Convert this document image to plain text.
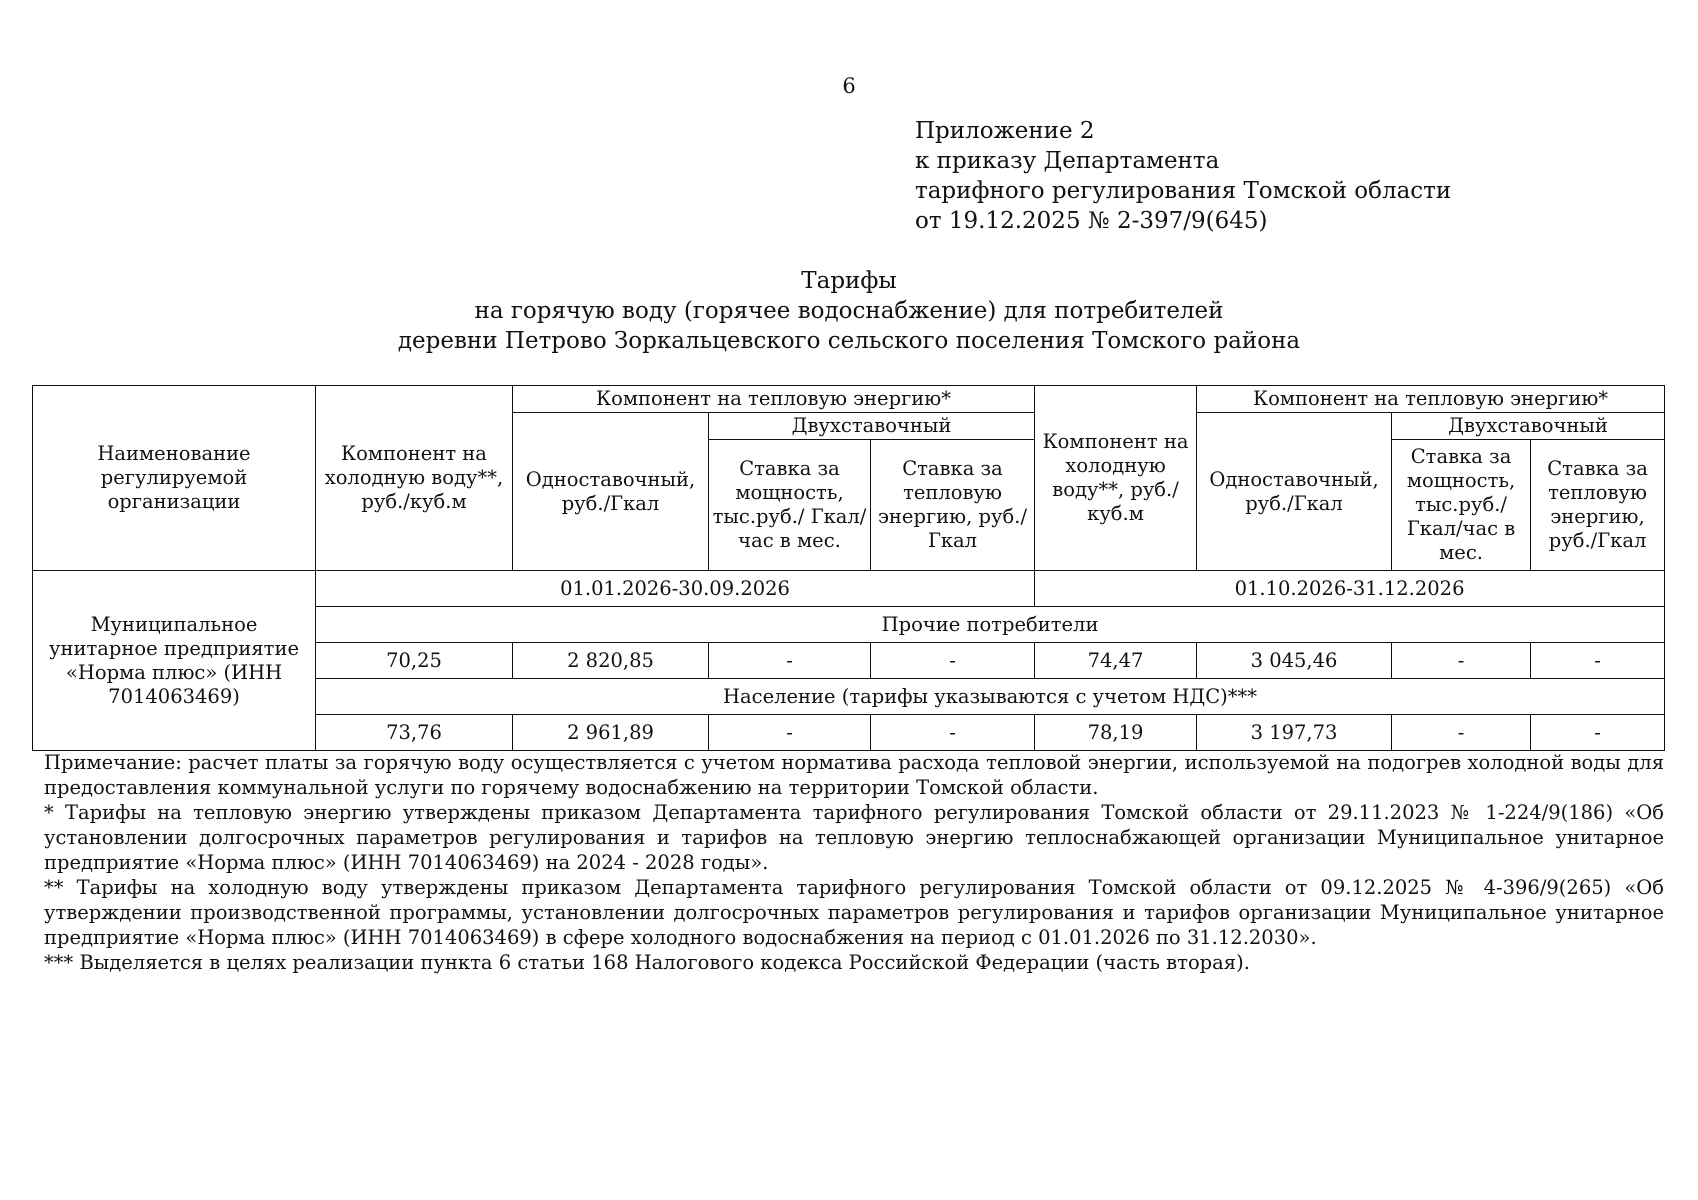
6
Приложение 2
к приказу Департамента
тарифного регулирования Томской области
от 19.12.2025 № 2-397/9(645)
Тарифы
на горячую воду (горячее водоснабжение) для потребителей
деревни Петрово Зоркальцевского сельского поселения Томского района
Наименование регулируемой организации	Компонент на холодную воду**, руб./куб.м	Компонент на тепловую энергию*			Компонент на холодную воду**, руб./куб.м	Компонент на тепловую энергию*		
		Одноставочный, руб./Гкал	Двухставочный			Одноставочный, руб./Гкал	Двухставочный	
			Ставка за мощность, тыс.руб./ Гкал/час в мес.	Ставка за тепловую энергию, руб./Гкал			Ставка за мощность, тыс.руб./ Гкал/час в мес.	Ставка за тепловую энергию, руб./Гкал
Муниципальное унитарное предприятие «Норма плюс» (ИНН 7014063469)	01.01.2026-30.09.2026				01.10.2026-31.12.2026			
	Прочие потребители							
	70,25	2 820,85	-	-	74,47	3 045,46	-	-
	Население (тарифы указываются с учетом НДС)***							
	73,76	2 961,89	-	-	78,19	3 197,73	-	-

Примечание: расчет платы за горячую воду осуществляется с учетом норматива расхода тепловой энергии, используемой на подогрев холодной воды для предоставления коммунальной услуги по горячему водоснабжению на территории Томской области.

* Тарифы на тепловую энергию утверждены приказом Департамента тарифного регулирования Томской области от 29.11.2023 № 1-224/9(186) «Об установлении долгосрочных параметров регулирования и тарифов на тепловую энергию теплоснабжающей организации Муниципальное унитарное предприятие «Норма плюс» (ИНН 7014063469) на 2024 - 2028 годы».

** Тарифы на холодную воду утверждены приказом Департамента тарифного регулирования Томской области от 09.12.2025 № 4-396/9(265) «Об утверждении производственной программы, установлении долгосрочных параметров регулирования и тарифов организации Муниципальное унитарное предприятие «Норма плюс» (ИНН 7014063469) в сфере холодного водоснабжения на период с 01.01.2026 по 31.12.2030».

*** Выделяется в целях реализации пункта 6 статьи 168 Налогового кодекса Российской Федерации (часть вторая).
